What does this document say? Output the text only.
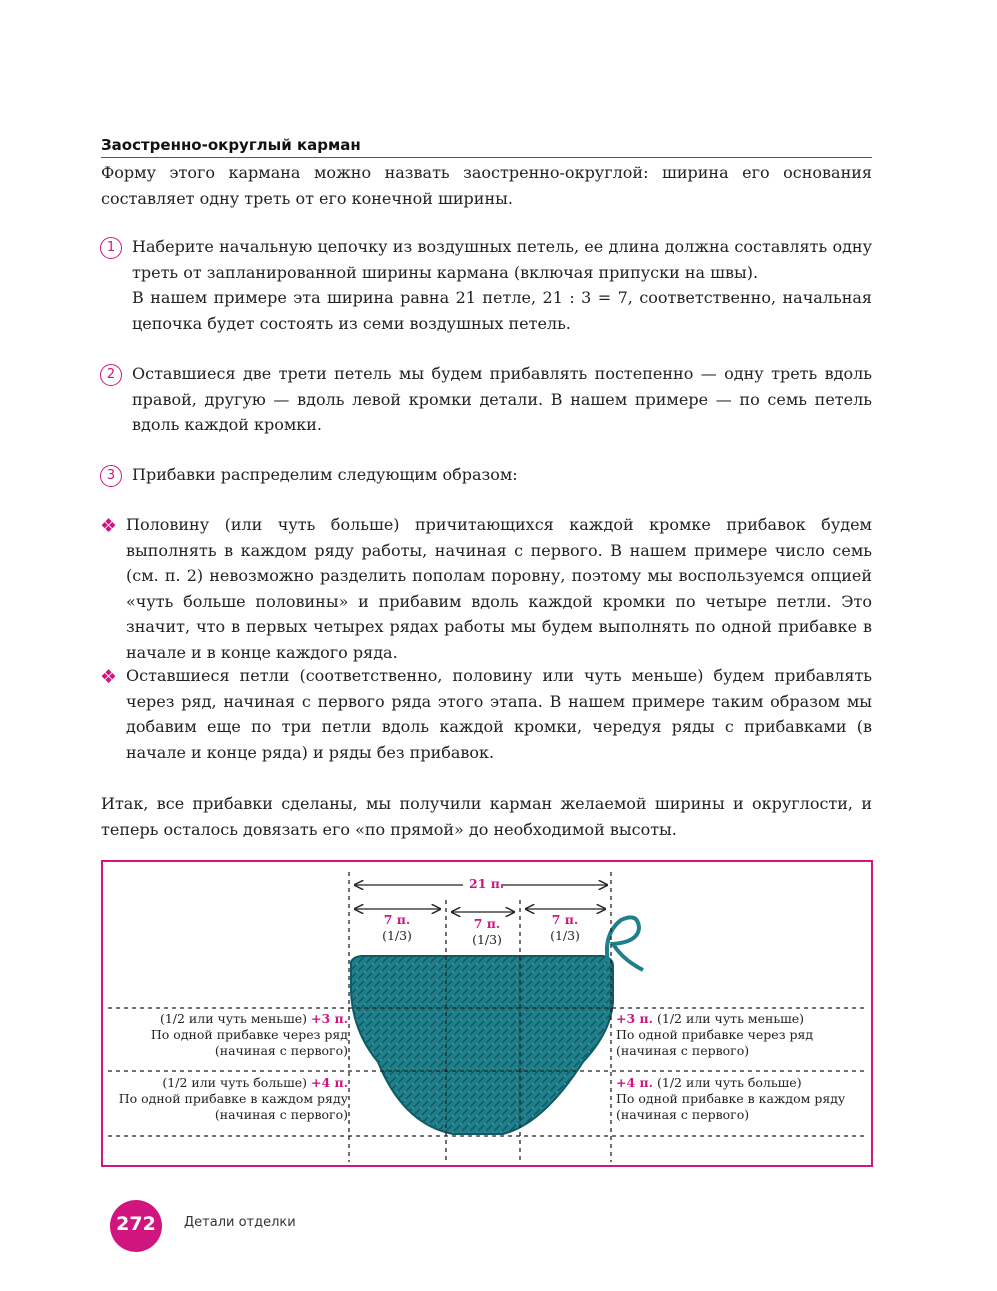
Заостренно-округлый карман
Форму этого кармана можно назвать заостренно-округлой: ширина его основания составляет одну треть от его конечной ширины.
1	Наберите начальную цепочку из воздушных петель, ее длина должна составлять одну треть от запланированной ширины кармана (включая припуски на швы).
В нашем примере эта ширина равна 21 петле, 21 : 3 = 7, соответственно, начальная цепочка будет состоять из семи воздушных петель.
2	Оставшиеся две трети петель мы будем прибавлять постепенно — одну треть вдоль правой, другую — вдоль левой кромки детали. В нашем примере — по семь петель вдоль каждой кромки.
3	Прибавки распределим следующим образом:
❖ Половину (или чуть больше) причитающихся каждой кромке прибавок будем выполнять в каждом ряду работы, начиная с первого. В нашем примере число семь (см. п. 2) невозможно разделить пополам поровну, поэтому мы воспользуемся опцией «чуть больше половины» и прибавим вдоль каждой кромки по четыре петли. Это значит, что в первых четырех рядах работы мы будем выполнять по одной прибавке в начале и в конце каждого ряда.
❖ Оставшиеся петли (соответственно, половину или чуть меньше) будем прибавлять через ряд, начиная с первого ряда этого этапа. В нашем примере таким образом мы добавим еще по три петли вдоль каждой кромки, чередуя ряды с прибавками (в начале и конце ряда) и ряды без прибавок.
Итак, все прибавки сделаны, мы получили карман желаемой ширины и округлости, и теперь осталось довязать его «по прямой» до необходимой высоты.
21 п.
7 п.
(1/3)
7 п.
(1/3)
7 п.
(1/3)
(1/2 или чуть меньше) +3 п.
По одной прибавке через ряд
(начиная с первого)
(1/2 или чуть больше) +4 п.
По одной прибавке в каждом ряду
(начиная с первого)
+3 п. (1/2 или чуть меньше)
По одной прибавке через ряд
(начиная с первого)
+4 п. (1/2 или чуть больше)
По одной прибавке в каждом ряду
(начиная с первого)
272	Детали отделки
